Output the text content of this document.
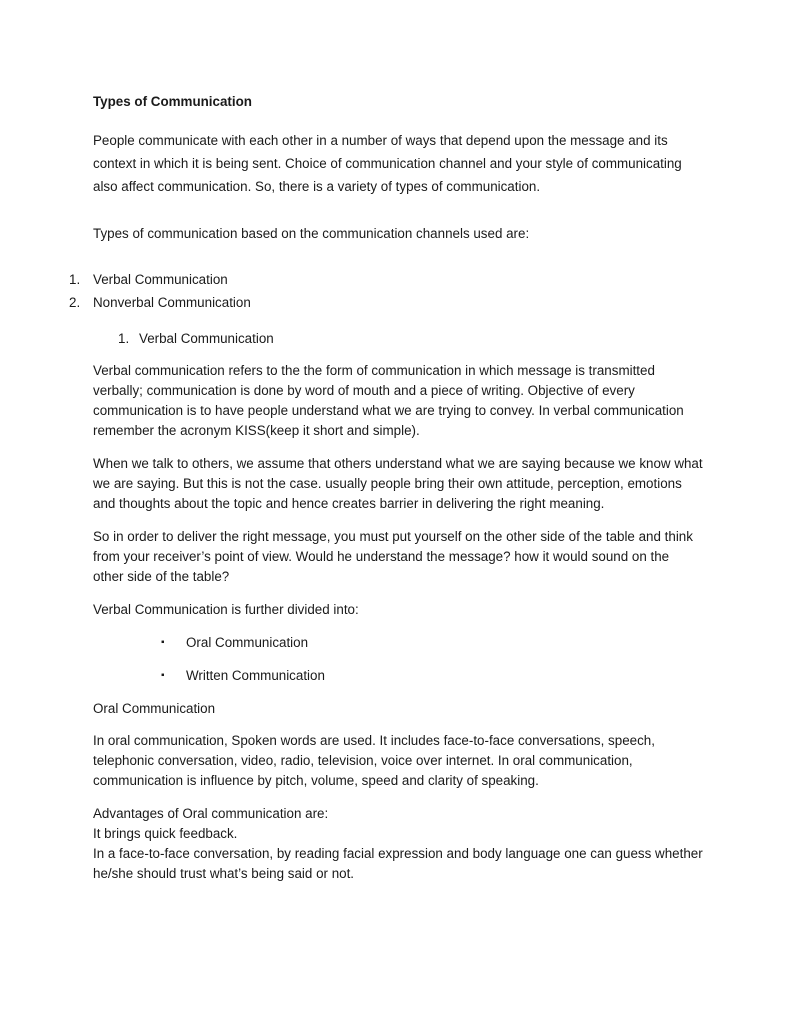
Types of Communication

People communicate with each other in a number of ways that depend upon the message and its context in which it is being sent. Choice of communication channel and your style of communicating also affect communication. So, there is a variety of types of communication.

Types of communication based on the communication channels used are:

1. Verbal Communication
2. Nonverbal Communication
1. Verbal Communication

Verbal communication refers to the the form of communication in which message is transmitted verbally; communication is done by word of mouth and a piece of writing. Objective of every communication is to have people understand what we are trying to convey. In verbal communication remember the acronym KISS(keep it short and simple).

When we talk to others, we assume that others understand what we are saying because we know what we are saying. But this is not the case. usually people bring their own attitude, perception, emotions and thoughts about the topic and hence creates barrier in delivering the right meaning.

So in order to deliver the right message, you must put yourself on the other side of the table and think from your receiver’s point of view. Would he understand the message? how it would sound on the other side of the table?

Verbal Communication is further divided into:

▪ Oral Communication

▪ Written Communication

Oral Communication

In oral communication, Spoken words are used. It includes face-to-face conversations, speech, telephonic conversation, video, radio, television, voice over internet. In oral communication, communication is influence by pitch, volume, speed and clarity of speaking.

Advantages of Oral communication are:

It brings quick feedback.

In a face-to-face conversation, by reading facial expression and body language one can guess whether he/she should trust what’s being said or not.
